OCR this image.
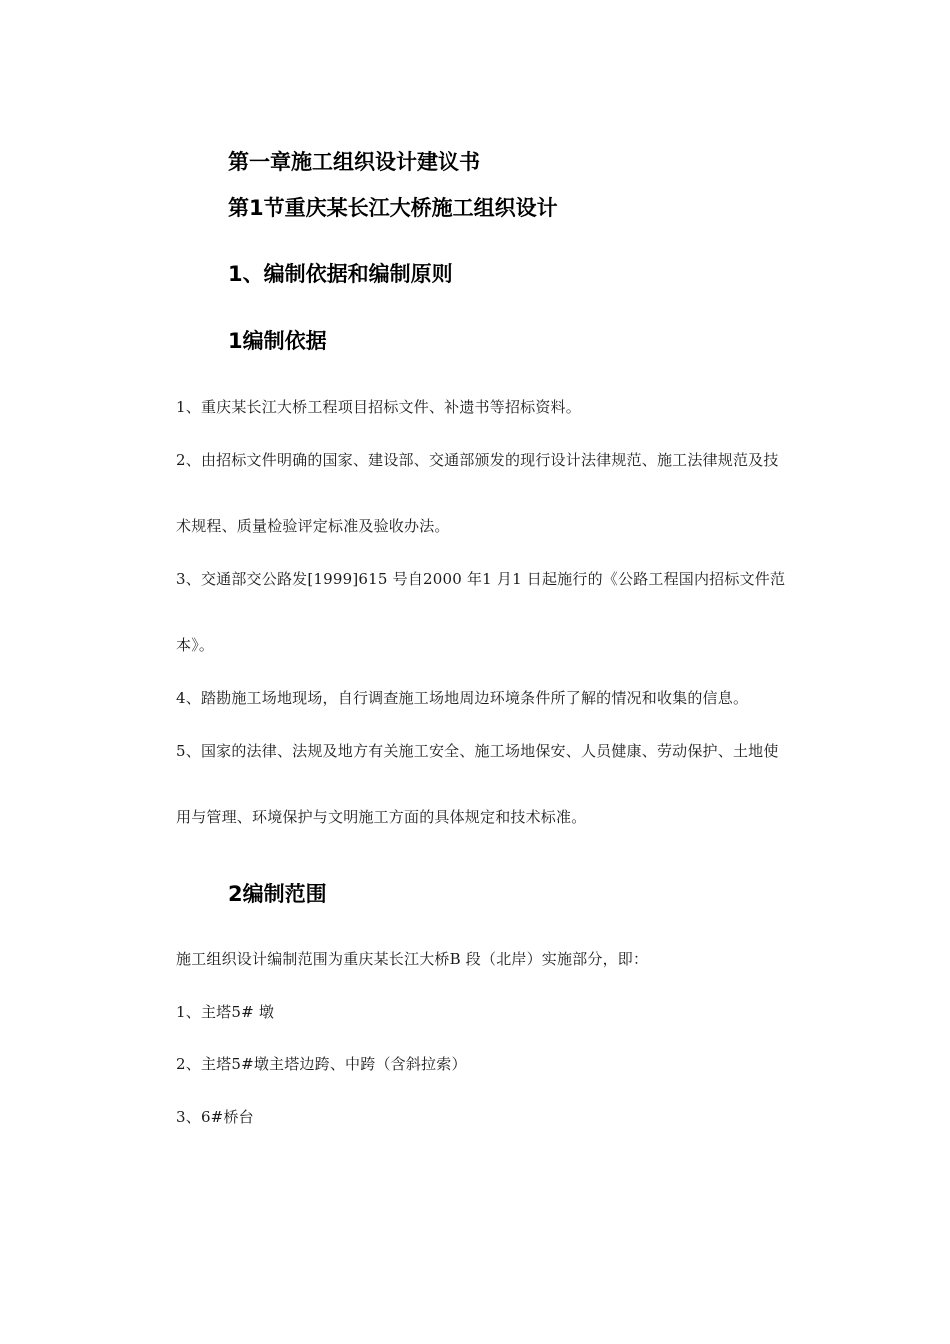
第一章施工组织设计建议书
第1节重庆某长江大桥施工组织设计
1、编制依据和编制原则
1编制依据
1、重庆某长江大桥工程项目招标文件、补遗书等招标资料。
2、由招标文件明确的国家、建设部、交通部颁发的现行设计法律规范、施工法律规范及技
术规程、质量检验评定标准及验收办法。
3、交通部交公路发[1999]615 号自2000 年1 月1 日起施行的《公路工程国内招标文件范
本》。
4、踏勘施工场地现场，自行调查施工场地周边环境条件所了解的情况和收集的信息。
5、国家的法律、法规及地方有关施工安全、施工场地保安、人员健康、劳动保护、土地使
用与管理、环境保护与文明施工方面的具体规定和技术标准。
2编制范围
施工组织设计编制范围为重庆某长江大桥B 段（北岸）实施部分，即：
1、主塔5# 墩
2、主塔5#墩主塔边跨、中跨（含斜拉索）
3、6#桥台
